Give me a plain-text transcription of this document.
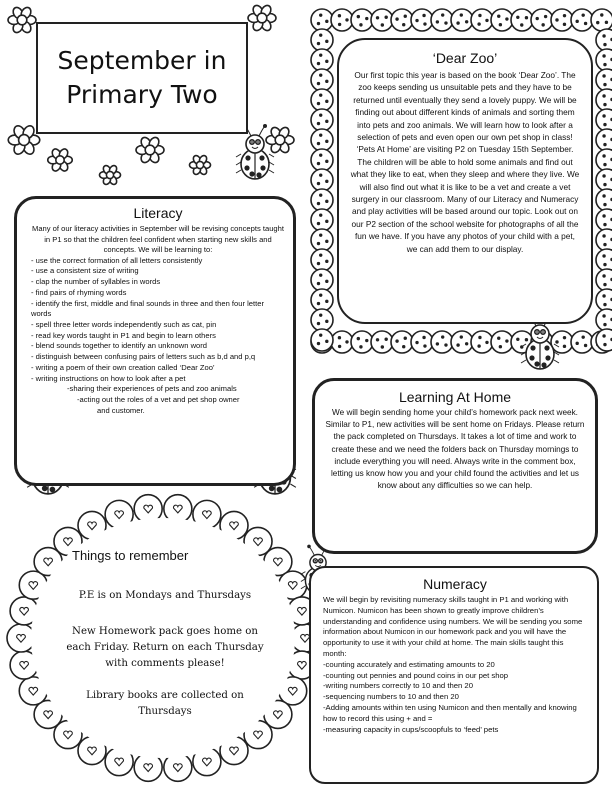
September in
Primary Two
‘Dear Zoo’
Our first topic this year is based on the book ‘Dear Zoo’. The zoo keeps sending us unsuitable pets and they have to be returned until eventually they send a lovely puppy. We will be finding out about different kinds of animals and sorting them into pets and zoo animals. We will learn how to look after a selection of pets and even open our own pet shop in class! ‘Pets At Home’ are visiting P2 on Tuesday 15th September. The children will be able to hold some animals and find out what they like to eat, when they sleep and where they live. We will also find out what it is like to be a vet and create a vet surgery in our classroom. Many of our Literacy and Numeracy and play activities will be based around our topic. Look out on our P2 section of the school website for photographs of all the fun we have. If you have any photos of your child with a pet, we can add them to our display.
Literacy
Many of our literacy activities in September will be revising concepts taught in P1 so that the children feel confident when starting new skills and concepts. We will be learning to:
- use the correct formation of all letters consistently
- use a consistent size of writing
- clap the number of syllables in words
- find pairs of rhyming words
- identify the first, middle and final sounds in three and then four letter words
- spell three letter words independently such as cat, pin
- read key words taught in P1 and begin to learn others
- blend sounds together to identify an unknown word
- distinguish between confusing pairs of letters such as b,d and p,q
- writing a poem of their own creation called ‘Dear Zoo’
- writing instructions on how to look after a pet
-sharing their experiences of pets and zoo animals
-acting out the roles of a vet and pet shop owner
and customer.
Learning At Home
We will begin sending home your child’s homework pack next week. Similar to P1, new activities will be sent home on Fridays. Please return the pack completed on Thursdays. It takes a lot of time and work to create these and we need the folders back on Thursday mornings to include everything you will need. Always write in the comment box, letting us know how you and your child found the activities and let us know about any difficulties so we can help.
Things to remember
P.E is on Mondays and Thursdays
New Homework pack goes home on each Friday. Return on each Thursday with comments please!
Library books are collected on Thursdays
Numeracy
We will begin by revisiting numeracy skills taught in P1 and working with Numicon. Numicon has been shown to greatly improve children’s understanding and confidence using numbers. We will be sending you some information about Numicon in our homework pack and you will have the opportunity to use it with your child at home. The main skills taught this month:
-counting accurately and estimating amounts to 20
-counting out pennies and pound coins in our pet shop
-writing numbers correctly to 10 and then 20
-sequencing numbers to 10 and then 20
-Adding amounts within ten using Numicon and then mentally and knowing how to record this using + and =
-measuring capacity in cups/scoopfuls to ‘feed’ pets
